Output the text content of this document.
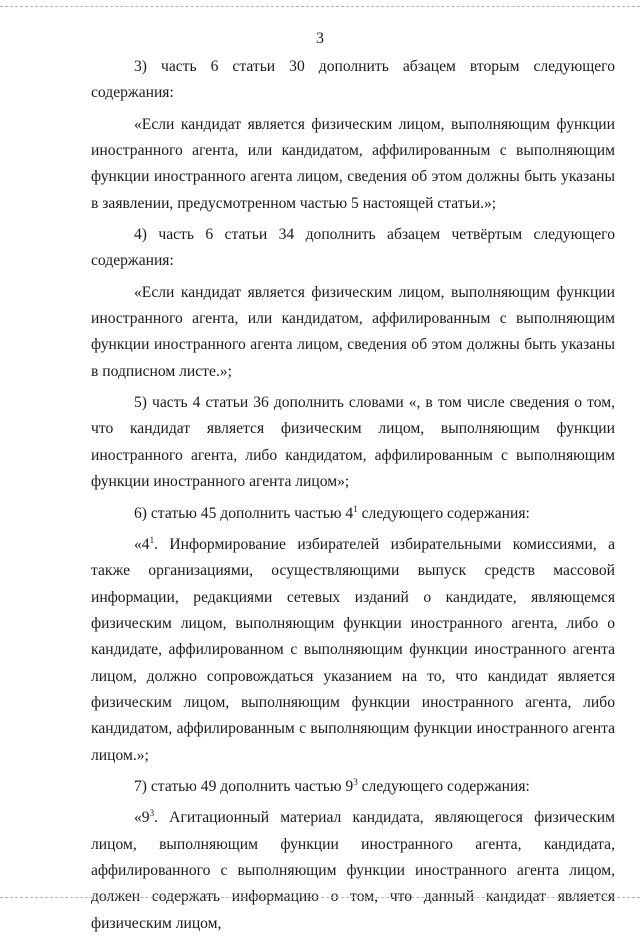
3

3) часть 6 статьи 30 дополнить абзацем вторым следующего содержания:

«Если кандидат является физическим лицом, выполняющим функции иностранного агента, или кандидатом, аффилированным с выполняющим функции иностранного агента лицом, сведения об этом должны быть указаны в заявлении, предусмотренном частью 5 настоящей статьи.»;

4) часть 6 статьи 34 дополнить абзацем четвёртым следующего содержания:

«Если кандидат является физическим лицом, выполняющим функции иностранного агента, или кандидатом, аффилированным с выполняющим функции иностранного агента лицом, сведения об этом должны быть указаны в подписном листе.»;

5) часть 4 статьи 36 дополнить словами «, в том числе сведения о том, что кандидат является физическим лицом, выполняющим функции иностранного агента, либо кандидатом, аффилированным с выполняющим функции иностранного агента лицом»;

6) статью 45 дополнить частью $4^1$ следующего содержания:

«$4^1$. Информирование избирателей избирательными комиссиями, а также организациями, осуществляющими выпуск средств массовой информации, редакциями сетевых изданий о кандидате, являющемся физическим лицом, выполняющим функции иностранного агента, либо о кандидате, аффилированном с выполняющим функции иностранного агента лицом, должно сопровождаться указанием на то, что кандидат является физическим лицом, выполняющим функции иностранного агента, либо кандидатом, аффилированным с выполняющим функции иностранного агента лицом.»;

7) статью 49 дополнить частью $9^3$ следующего содержания:

«$9^3$. Агитационный материал кандидата, являющегося физическим лицом, выполняющим функции иностранного агента, кандидата, аффилированного с выполняющим функции иностранного агента лицом, должен содержать информацию о том, что данный кандидат является физическим лицом,
